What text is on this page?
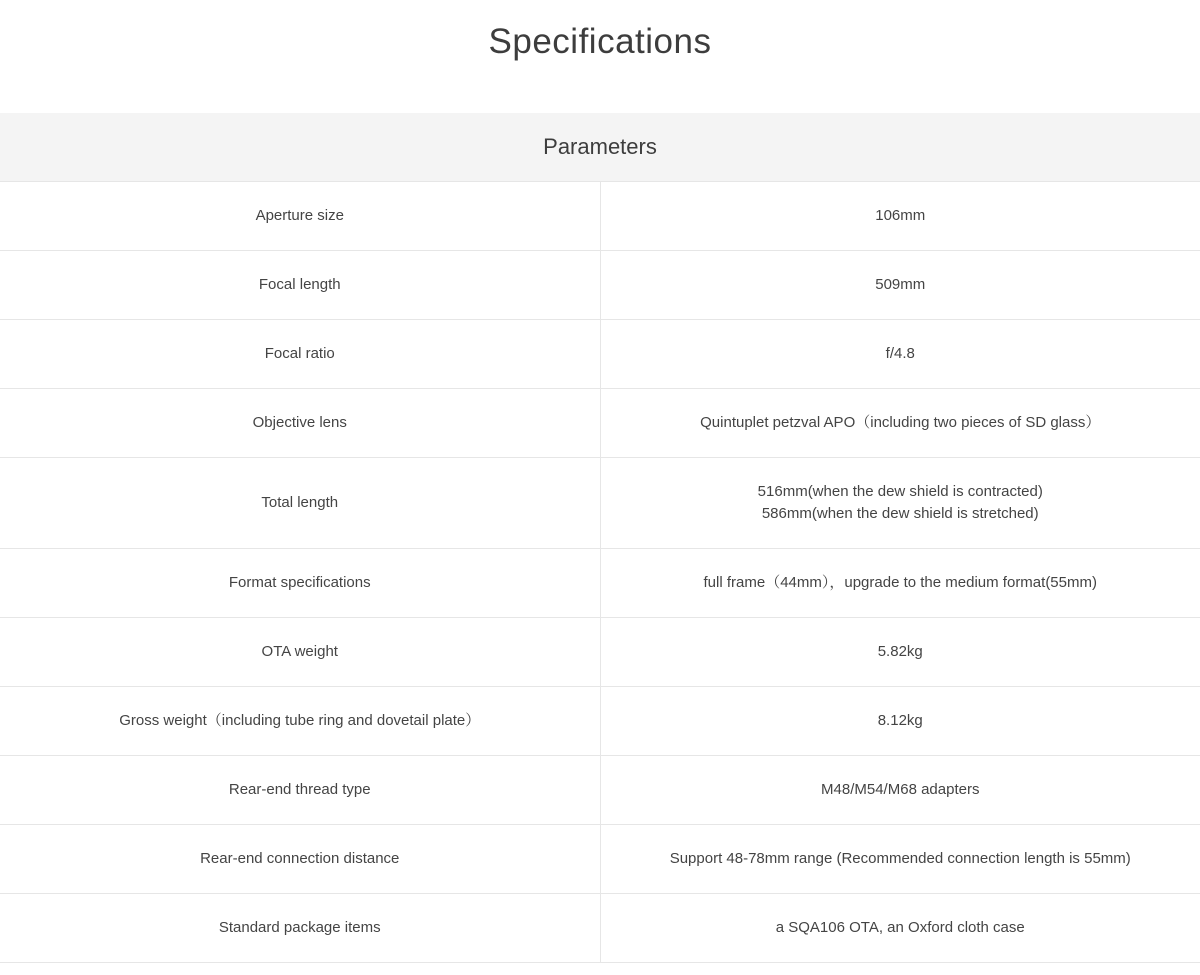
Specifications
Parameters	
Aperture size	106mm

Focal length	509mm

Focal ratio	f/4.8

Objective lens	Quintuplet petzval APO（including two pieces of SD glass）

Total length	516mm(when the dew shield is contracted)
586mm(when the dew shield is stretched)

Format specifications	full frame（44mm），upgrade to the medium format(55mm)

OTA weight	5.82kg

Gross weight（including tube ring and dovetail plate）	8.12kg

Rear-end thread type	M48/M54/M68 adapters

Rear-end connection distance	Support 48-78mm range (Recommended connection length is 55mm)

Standard package items	a SQA106 OTA, an Oxford cloth case
